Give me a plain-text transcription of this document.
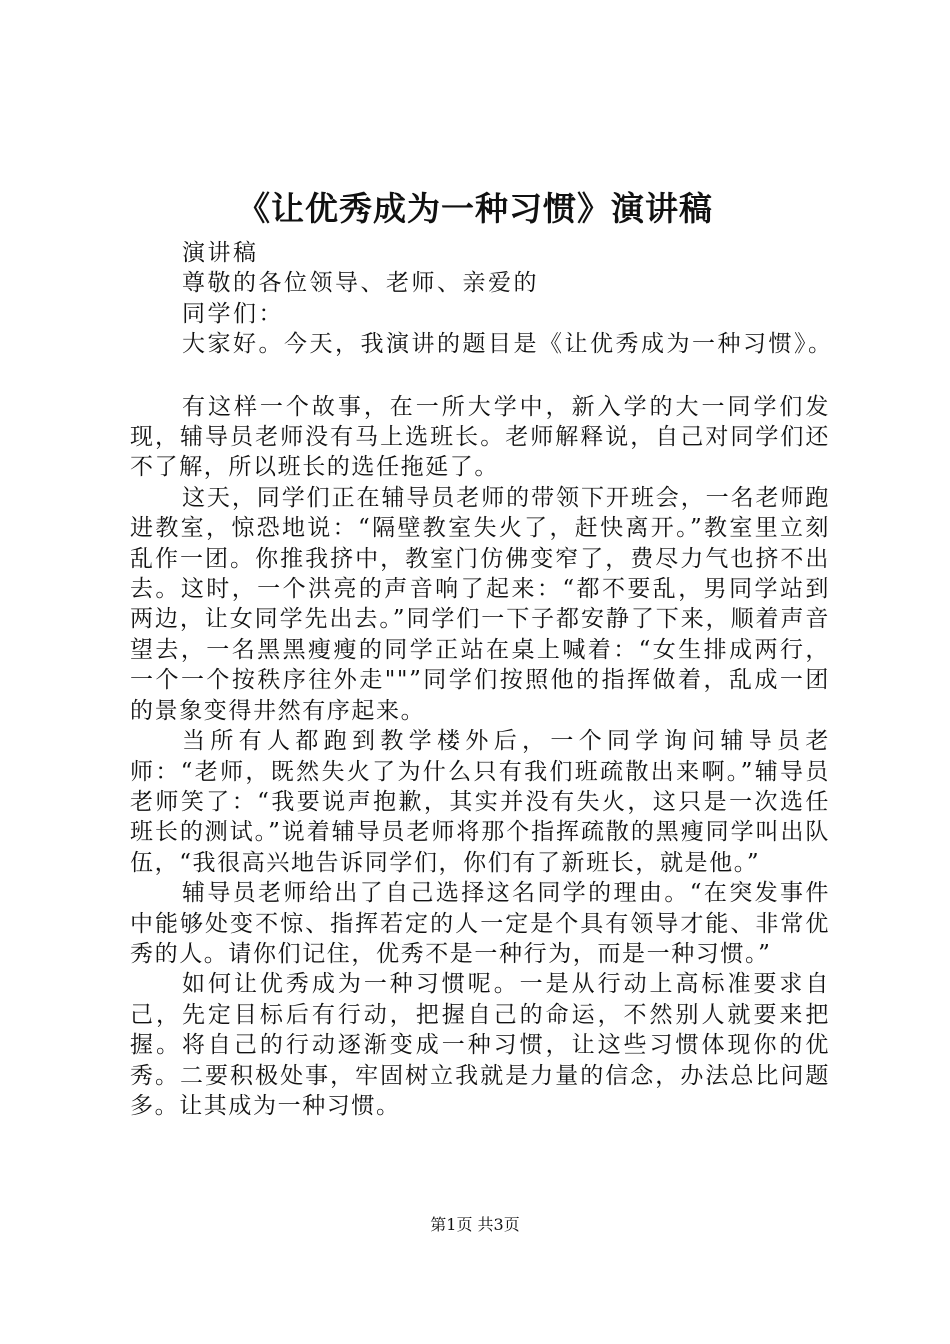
《让优秀成为一种习惯》演讲稿

演讲稿

尊敬的各位领导、老师、亲爱的

同学们：

大家好。今天，我演讲的题目是《让优秀成为一种习惯》。

有这样一个故事，在一所大学中，新入学的大一同学们发现，辅导员老师没有马上选班长。老师解释说，自己对同学们还不了解，所以班长的选任拖延了。

这天，同学们正在辅导员老师的带领下开班会，一名老师跑进教室，惊恐地说：“隔壁教室失火了，赶快离开。”教室里立刻乱作一团。你推我挤中，教室门仿佛变窄了，费尽力气也挤不出去。这时，一个洪亮的声音响了起来：“都不要乱，男同学站到两边，让女同学先出去。”同学们一下子都安静了下来，顺着声音望去，一名黑黑瘦瘦的同学正站在桌上喊着：“女生排成两行，一个一个按秩序往外走""”同学们按照他的指挥做着，乱成一团的景象变得井然有序起来。

当所有人都跑到教学楼外后，一个同学询问辅导员老师：“老师，既然失火了为什么只有我们班疏散出来啊。”辅导员老师笑了：“我要说声抱歉，其实并没有失火，这只是一次选任班长的测试。”说着辅导员老师将那个指挥疏散的黑瘦同学叫出队伍，“我很高兴地告诉同学们，你们有了新班长，就是他。”

辅导员老师给出了自己选择这名同学的理由。“在突发事件中能够处变不惊、指挥若定的人一定是个具有领导才能、非常优秀的人。请你们记住，优秀不是一种行为，而是一种习惯。”

如何让优秀成为一种习惯呢。一是从行动上高标准要求自己，先定目标后有行动，把握自己的命运，不然别人就要来把握。将自己的行动逐渐变成一种习惯，让这些习惯体现你的优秀。二要积极处事，牢固树立我就是力量的信念，办法总比问题多。让其成为一种习惯。

第1页 共3页
